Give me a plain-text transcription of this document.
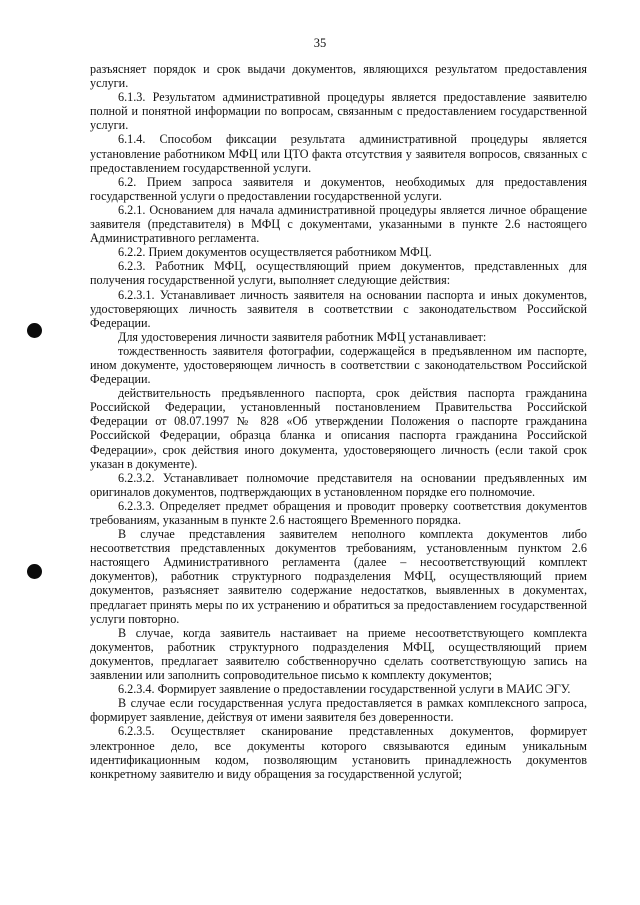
35

разъясняет порядок и срок выдачи документов, являющихся результатом предоставления услуги.

6.1.3. Результатом административной процедуры является предоставление заявителю полной и понятной информации по вопросам, связанным с предоставлением государственной услуги.

6.1.4. Способом фиксации результата административной процедуры является установление работником МФЦ или ЦТО факта отсутствия у заявителя вопросов, связанных с предоставлением государственной услуги.

6.2. Прием запроса заявителя и документов, необходимых для предоставления государственной услуги о предоставлении государственной услуги.

6.2.1. Основанием для начала административной процедуры является личное обращение заявителя (представителя) в МФЦ с документами, указанными в пункте 2.6 настоящего Административного регламента.

6.2.2. Прием документов осуществляется работником МФЦ.

6.2.3. Работник МФЦ, осуществляющий прием документов, представленных для получения государственной услуги, выполняет следующие действия:

6.2.3.1. Устанавливает личность заявителя на основании паспорта и иных документов, удостоверяющих личность заявителя в соответствии с законодательством Российской Федерации.

Для удостоверения личности заявителя работник МФЦ устанавливает:

тождественность заявителя фотографии, содержащейся в предъявленном им паспорте, ином документе, удостоверяющем личность в соответствии с законодательством Российской Федерации.

действительность предъявленного паспорта, срок действия паспорта гражданина Российской Федерации, установленный постановлением Правительства Российской Федерации от 08.07.1997 № 828 «Об утверждении Положения о паспорте гражданина Российской Федерации, образца бланка и описания паспорта гражданина Российской Федерации», срок действия иного документа, удостоверяющего личность (если такой срок указан в документе).

6.2.3.2. Устанавливает полномочие представителя на основании предъявленных им оригиналов документов, подтверждающих в установленном порядке его полномочие.

6.2.3.3. Определяет предмет обращения и проводит проверку соответствия документов требованиям, указанным в пункте 2.6 настоящего Временного порядка.

В случае представления заявителем неполного комплекта документов либо несоответствия представленных документов требованиям, установленным пунктом 2.6 настоящего Административного регламента (далее – несоответствующий комплект документов), работник структурного подразделения МФЦ, осуществляющий прием документов, разъясняет заявителю содержание недостатков, выявленных в документах, предлагает принять меры по их устранению и обратиться за предоставлением государственной услуги повторно.

В случае, когда заявитель настаивает на приеме несоответствующего комплекта документов, работник структурного подразделения МФЦ, осуществляющий прием документов, предлагает заявителю собственноручно сделать соответствующую запись на заявлении или заполнить сопроводительное письмо к комплекту документов;

6.2.3.4. Формирует заявление о предоставлении государственной услуги в МАИС ЭГУ.

В случае если государственная услуга предоставляется в рамках комплексного запроса, формирует заявление, действуя от имени заявителя без доверенности.

6.2.3.5. Осуществляет сканирование представленных документов, формирует электронное дело, все документы которого связываются единым уникальным идентификационным кодом, позволяющим установить принадлежность документов конкретному заявителю и виду обращения за государственной услугой;
